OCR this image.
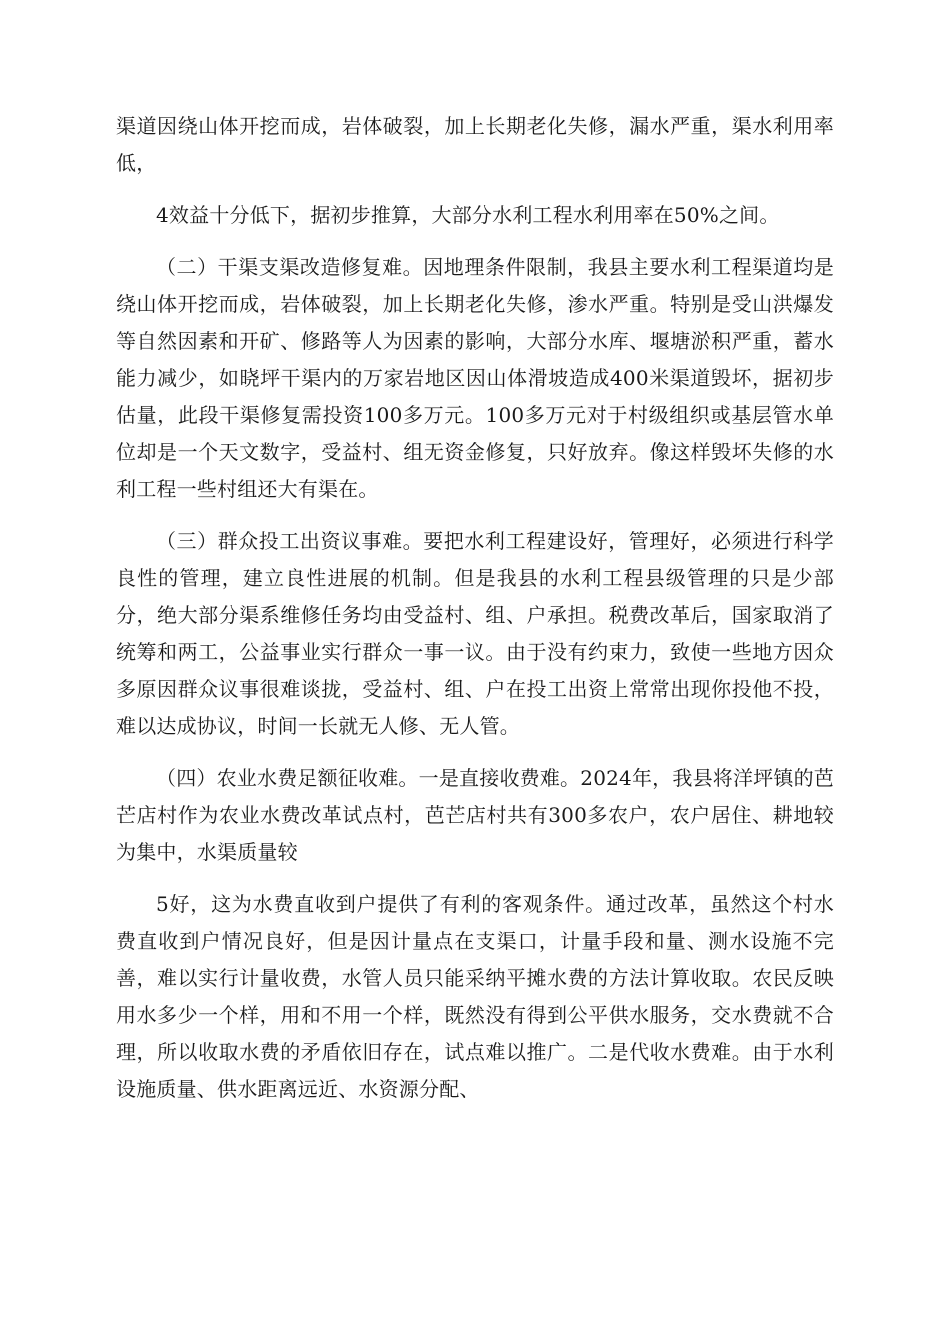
渠道因绕山体开挖而成，岩体破裂，加上长期老化失修，漏水严重，渠水利用率低，

4效益十分低下，据初步推算，大部分水利工程水利用率在50%之间。

（二）干渠支渠改造修复难。因地理条件限制，我县主要水利工程渠道均是绕山体开挖而成，岩体破裂，加上长期老化失修，渗水严重。特别是受山洪爆发等自然因素和开矿、修路等人为因素的影响，大部分水库、堰塘淤积严重，蓄水能力减少，如晓坪干渠内的万家岩地区因山体滑坡造成400米渠道毁坏，据初步估量，此段干渠修复需投资100多万元。100多万元对于村级组织或基层管水单位却是一个天文数字，受益村、组无资金修复，只好放弃。像这样毁坏失修的水利工程一些村组还大有渠在。

（三）群众投工出资议事难。要把水利工程建设好，管理好，必须进行科学良性的管理，建立良性进展的机制。但是我县的水利工程县级管理的只是少部分，绝大部分渠系维修任务均由受益村、组、户承担。税费改革后，国家取消了统筹和两工，公益事业实行群众一事一议。由于没有约束力，致使一些地方因众多原因群众议事很难谈拢，受益村、组、户在投工出资上常常出现你投他不投，难以达成协议，时间一长就无人修、无人管。

（四）农业水费足额征收难。一是直接收费难。2024年，我县将洋坪镇的芭芒店村作为农业水费改革试点村，芭芒店村共有300多农户，农户居住、耕地较为集中，水渠质量较

5好，这为水费直收到户提供了有利的客观条件。通过改革，虽然这个村水费直收到户情况良好，但是因计量点在支渠口，计量手段和量、测水设施不完善，难以实行计量收费，水管人员只能采纳平摊水费的方法计算收取。农民反映用水多少一个样，用和不用一个样，既然没有得到公平供水服务，交水费就不合理，所以收取水费的矛盾依旧存在，试点难以推广。二是代收水费难。由于水利设施质量、供水距离远近、水资源分配、
